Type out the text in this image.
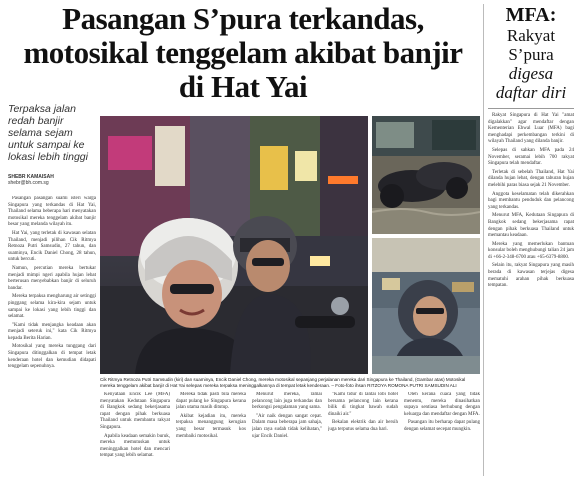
Pasangan S’pura terkandas, motosikal tenggelam akibat banjir di Hat Yai
Terpaksa jalan redah banjir selama sejam untuk sampai ke lokasi lebih tinggi
SHEBR KAMAISAH
shebr@bh.com.sg

Pasangan pasangan suami isteri warga Singapura yang terkandas di Hat Yai, Thailand selama beberapa hari menyatakan motosikal mereka tenggelam akibat banjir besar yang melanda wilayah itu.

Hat Yai, yang terletak di kawasan selatan Thailand, menjadi pilihan Cik Ritmya Retnoza Putri Samsudin, 27 tahun, dan suaminya, Encik Daniel Chong, 28 tahun, untuk bercuti.

Namun, percutian mereka bertukar menjadi mimpi ngeri apabila hujan lebat berterusan menyebabkan banjir di seluruh bandar.

Mereka terpaksa mengharung air setinggi pinggang selama kira-kira sejam untuk sampai ke lokasi yang lebih tinggi dan selamat.

"Kami tidak menjangka keadaan akan menjadi seteruk ini," kata Cik Ritmya kepada Berita Harian.

Motosikal yang mereka tunggang dari Singapura ditinggalkan di tempat letak kenderaan hotel dan kemudian didapati tenggelam sepenuhnya.

Cik Ritmya Retnoza Putri Samsudin (kiri) dan suaminya, Encik Daniel Chong, mereka motosikal sepanjang perjalanan mereka dari Singapura ke Thailand, (Gambar atas) Motosikal mereka tenggelam akibat banjir di Hat Yai selepas mereka terpaksa meninggalkannya di tempat letak kenderaan. – Foto-foto ihsan RITZOYA ROMONA PUTRI SAMSUDIN ALI

Kenyataan Encik Lee (MFA) menyatakan Kedutaan Singapura di Bangkok sedang bekerjasama rapat dengan pihak berkuasa Thailand untuk membantu rakyat Singapura.

Apabila keadaan semakin buruk, mereka memutuskan untuk meninggalkan hotel dan mencari tempat yang lebih selamat.

Mereka tidak pasti bila mereka dapat pulang ke Singapura kerana jalan utama masih ditutup.

Akibat kejadian itu, mereka terpaksa menanggung kerugian yang besar termasuk kos membaiki motosikal.

Menurut mereka, ramai pelancong lain juga terkandas dan berkongsi pengalaman yang sama.

"Air naik dengan sangat cepat. Dalam masa beberapa jam sahaja, jalan raya sudah tidak kelihatan," ujar Encik Daniel.

"Kami tidur di lantai lobi hotel bersama pelancong lain kerana bilik di tingkat bawah sudah dinaiki air."

Bekalan elektrik dan air bersih juga terputus selama dua hari.

Oleh kerana cuaca yang tidak menentu, mereka dinasihatkan supaya sentiasa berhubung dengan keluarga dan mendaftar dengan MFA.

Pasangan itu berharap dapat pulang dengan selamat secepat mungkin.

MFA:
Rakyat
S’pura
digesa
daftar diri

Rakyat Singapura di Hat Yai "amat digalakkan" agar mendaftar dengan Kementerian Ehwal Luar (MFA) bagi menghadapi perkembangan terkini di wilayah Thailand yang dilanda banjir.

Selepas di sahkan MFA pada 24 November, seramai lebih 700 rakyat Singapura telah mendaftar.

Terletak di sebelah Thailand, Hat Yai dilanda hujan lebat, dengan taburan hujan melebihi paras biasa sejak 21 November.

Anggota keselamatan telah dikerahkan bagi membantu penduduk dan pelancong yang terkandas.

Menurut MFA, Kedutaan Singapura di Bangkok sedang bekerjasama rapat dengan pihak berkuasa Thailand untuk memantau keadaan.

Mereka yang memerlukan bantuan konsular boleh menghubungi talian 24 jam di +66-2-348-6700 atau +65-6379-8800.

Selain itu, rakyat Singapura yang masih berada di kawasan terjejas digesa mematuhi arahan pihak berkuasa tempatan.
